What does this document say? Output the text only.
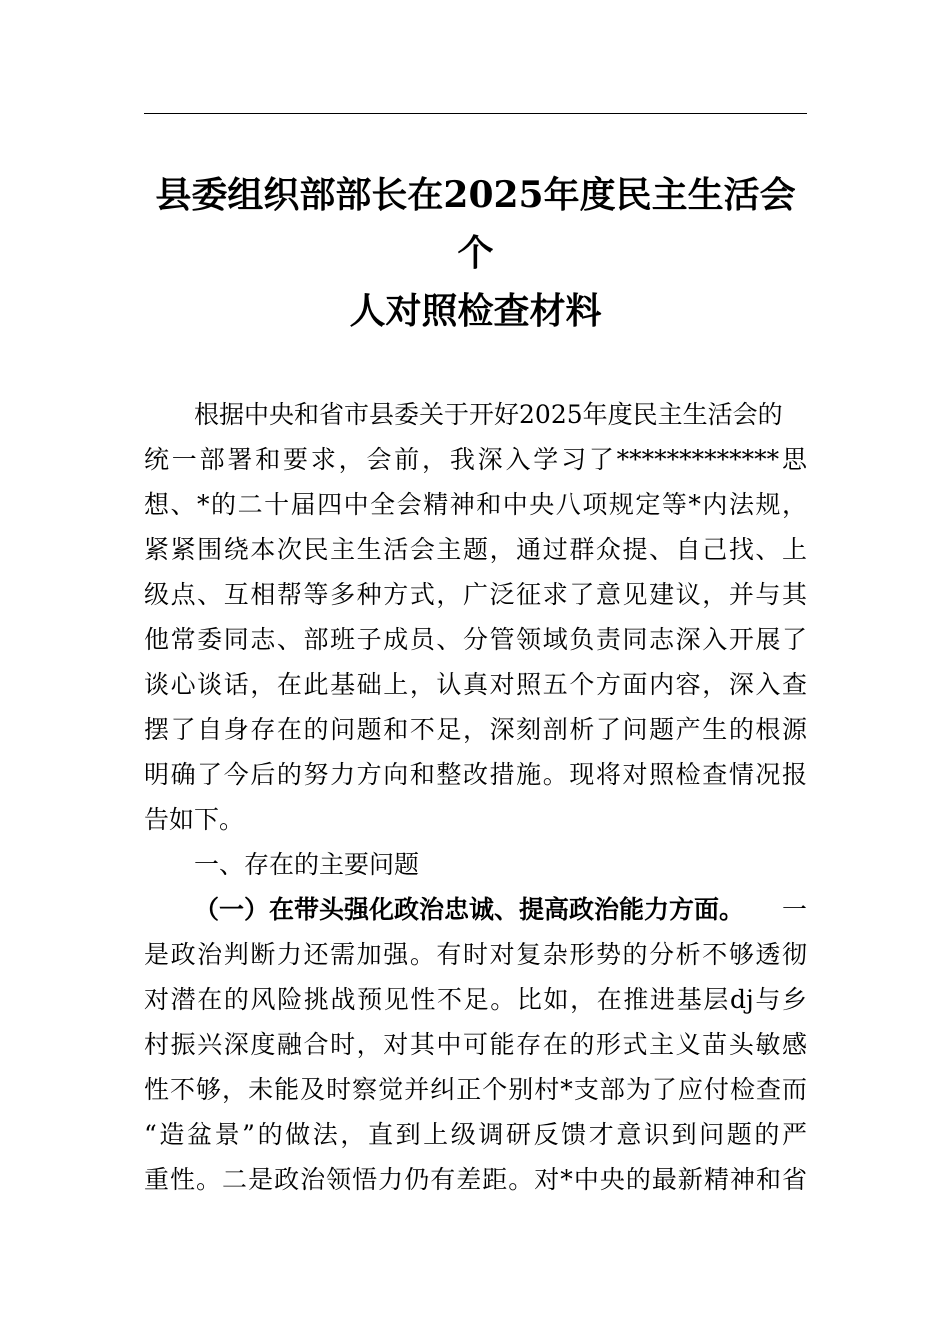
县委组织部部长在2025年度民主生活会个
人对照检查材料
根据中央和省市县委关于开好2025年度民主生活会的
统一部署和要求，会前，我深入学习了*************思
想、*的二十届四中全会精神和中央八项规定等*内法规，
紧紧围绕本次民主生活会主题，通过群众提、自己找、上
级点、互相帮等多种方式，广泛征求了意见建议，并与其
他常委同志、部班子成员、分管领域负责同志深入开展了
谈心谈话，在此基础上，认真对照五个方面内容，深入查
摆了自身存在的问题和不足，深刻剖析了问题产生的根源
明确了今后的努力方向和整改措施。现将对照检查情况报
告如下。
一、存在的主要问题
（一）在带头强化政治忠诚、提高政治能力方面。 一
是政治判断力还需加强。有时对复杂形势的分析不够透彻
对潜在的风险挑战预见性不足。比如，在推进基层dj与乡
村振兴深度融合时，对其中可能存在的形式主义苗头敏感
性不够，未能及时察觉并纠正个别村*支部为了应付检查而
“造盆景”的做法，直到上级调研反馈才意识到问题的严
重性。二是政治领悟力仍有差距。对*中央的最新精神和省
